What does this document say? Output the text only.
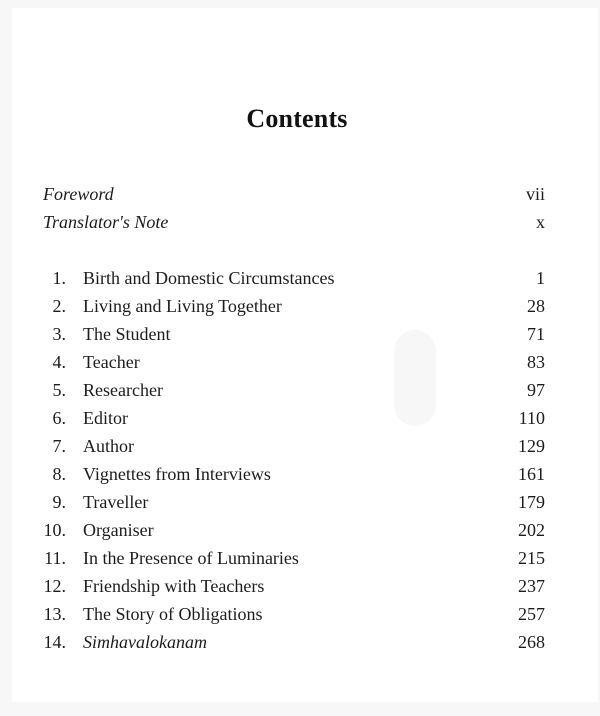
Contents
Foreword	vii
Translator's Note	x
1. Birth and Domestic Circumstances	1
2. Living and Living Together	28
3. The Student	71
4. Teacher	83
5. Researcher	97
6. Editor	110
7. Author	129
8. Vignettes from Interviews	161
9. Traveller	179
10. Organiser	202
11. In the Presence of Luminaries	215
12. Friendship with Teachers	237
13. The Story of Obligations	257
14. Simhavalokanam	268
